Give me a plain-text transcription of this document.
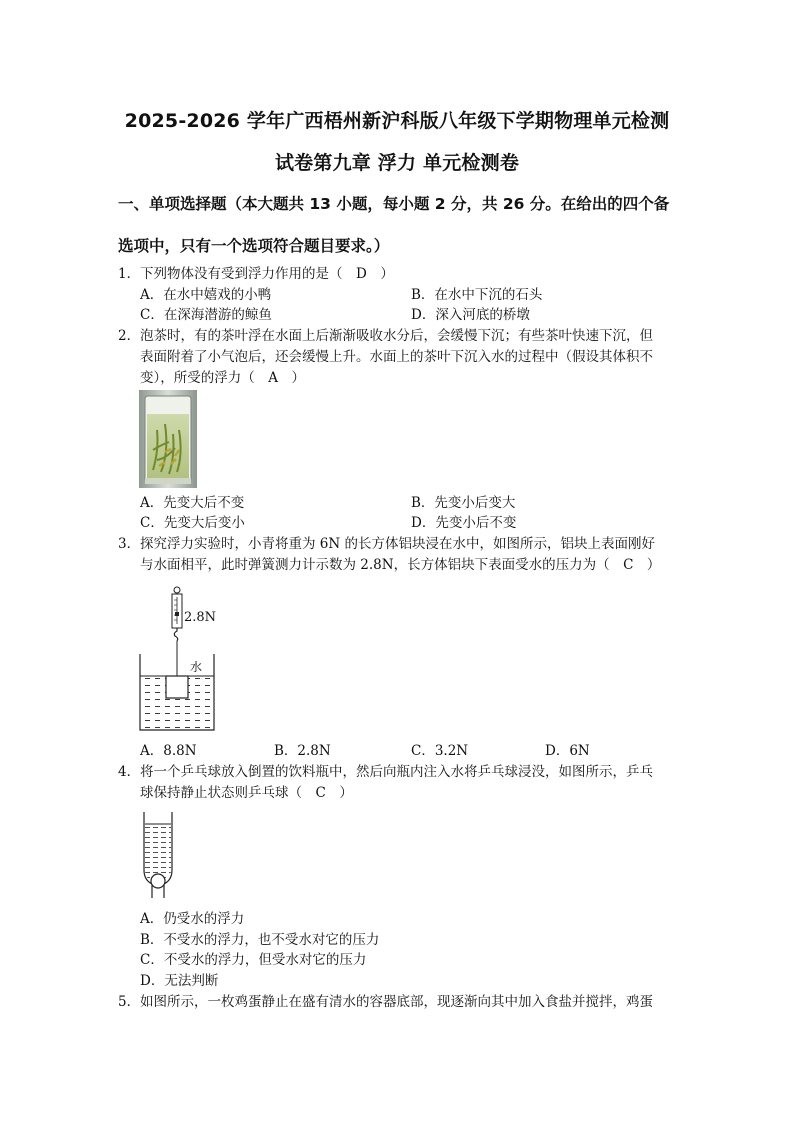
2025-2026 学年广西梧州新沪科版八年级下学期物理单元检测
试卷第九章 浮力 单元检测卷
一、单项选择题（本大题共 13 小题，每小题 2 分，共 26 分。在给出的四个备
选项中，只有一个选项符合题目要求。）
1． 下列物体没有受到浮力作用的是（　D　）
A．在水中嬉戏的小鸭	B．在水中下沉的石头
C．在深海潜游的鲸鱼	D．深入河底的桥墩
2． 泡茶时，有的茶叶浮在水面上后渐渐吸收水分后，会缓慢下沉；有些茶叶快速下沉，但
表面附着了小气泡后，还会缓慢上升。水面上的茶叶下沉入水的过程中（假设其体积不
变），所受的浮力（　A　）
A．先变大后不变	B．先变小后变大
C．先变大后变小	D．先变小后不变
3． 探究浮力实验时，小青将重为 6N 的长方体铝块浸在水中，如图所示，铝块上表面刚好
与水面相平，此时弹簧测力计示数为 2.8N，长方体铝块下表面受水的压力为（　C　）
2.8N
水
A．8.8N	B．2.8N	C．3.2N	D．6N
4． 将一个乒乓球放入倒置的饮料瓶中，然后向瓶内注入水将乒乓球浸没，如图所示，乒乓
球保持静止状态则乒乓球（　C　）
A．仍受水的浮力
B．不受水的浮力，也不受水对它的压力
C．不受水的浮力，但受水对它的压力
D．无法判断
5． 如图所示，一枚鸡蛋静止在盛有清水的容器底部，现逐渐向其中加入食盐并搅拌，鸡蛋
